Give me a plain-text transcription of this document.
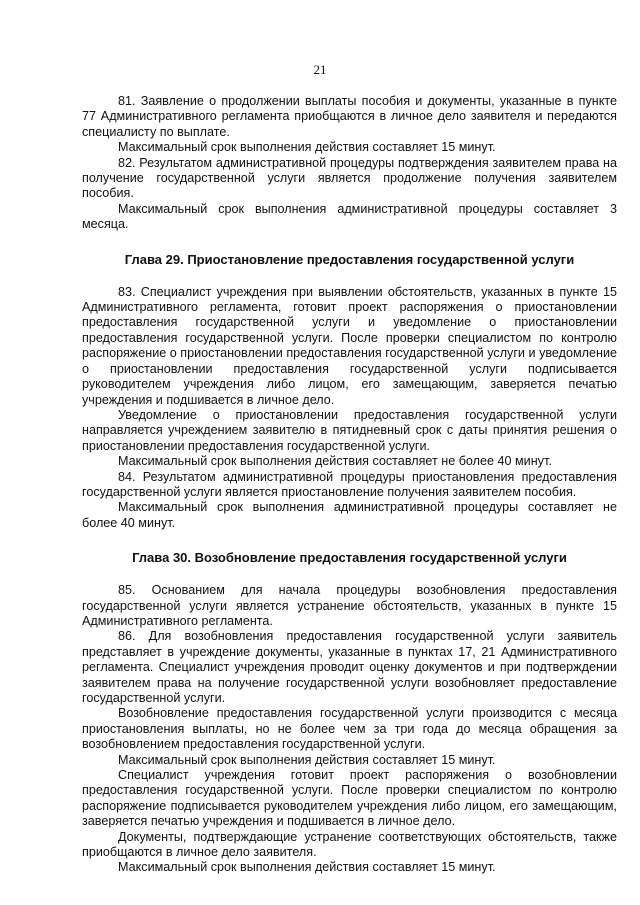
21

81. Заявление о продолжении выплаты пособия и документы, указанные в пункте 77 Административного регламента приобщаются в личное дело заявителя и передаются специалисту по выплате.

Максимальный срок выполнения действия составляет 15 минут.

82. Результатом административной процедуры подтверждения заявителем права на получение государственной услуги является продолжение получения заявителем пособия.

Максимальный срок выполнения административной процедуры составляет 3 месяца.

Глава 29. Приостановление предоставления государственной услуги

83. Специалист учреждения при выявлении обстоятельств, указанных в пункте 15 Административного регламента, готовит проект распоряжения о приостановлении предоставления государственной услуги и уведомление о приостановлении предоставления государственной услуги. После проверки специалистом по контролю распоряжение о приостановлении предоставления государственной услуги и уведомление о приостановлении предоставления государственной услуги подписывается руководителем учреждения либо лицом, его замещающим, заверяется печатью учреждения и подшивается в личное дело.

Уведомление о приостановлении предоставления государственной услуги направляется учреждением заявителю в пятидневный срок с даты принятия решения о приостановлении предоставления государственной услуги.

Максимальный срок выполнения действия составляет не более 40 минут.

84. Результатом административной процедуры приостановления предоставления государственной услуги является приостановление получения заявителем пособия.

Максимальный срок выполнения административной процедуры составляет не более 40 минут.

Глава 30. Возобновление предоставления государственной услуги

85. Основанием для начала процедуры возобновления предоставления государственной услуги является устранение обстоятельств, указанных в пункте 15 Административного регламента.

86. Для возобновления предоставления государственной услуги заявитель представляет в учреждение документы, указанные в пунктах 17, 21 Административного регламента. Специалист учреждения проводит оценку документов и при подтверждении заявителем права на получение государственной услуги возобновляет предоставление государственной услуги.

Возобновление предоставления государственной услуги производится с месяца приостановления выплаты, но не более чем за три года до месяца обращения за возобновлением предоставления государственной услуги.

Максимальный срок выполнения действия составляет 15 минут.

Специалист учреждения готовит проект распоряжения о возобновлении предоставления государственной услуги. После проверки специалистом по контролю распоряжение подписывается руководителем учреждения либо лицом, его замещающим, заверяется печатью учреждения и подшивается в личное дело.

Документы, подтверждающие устранение соответствующих обстоятельств, также приобщаются в личное дело заявителя.

Максимальный срок выполнения действия составляет 15 минут.
